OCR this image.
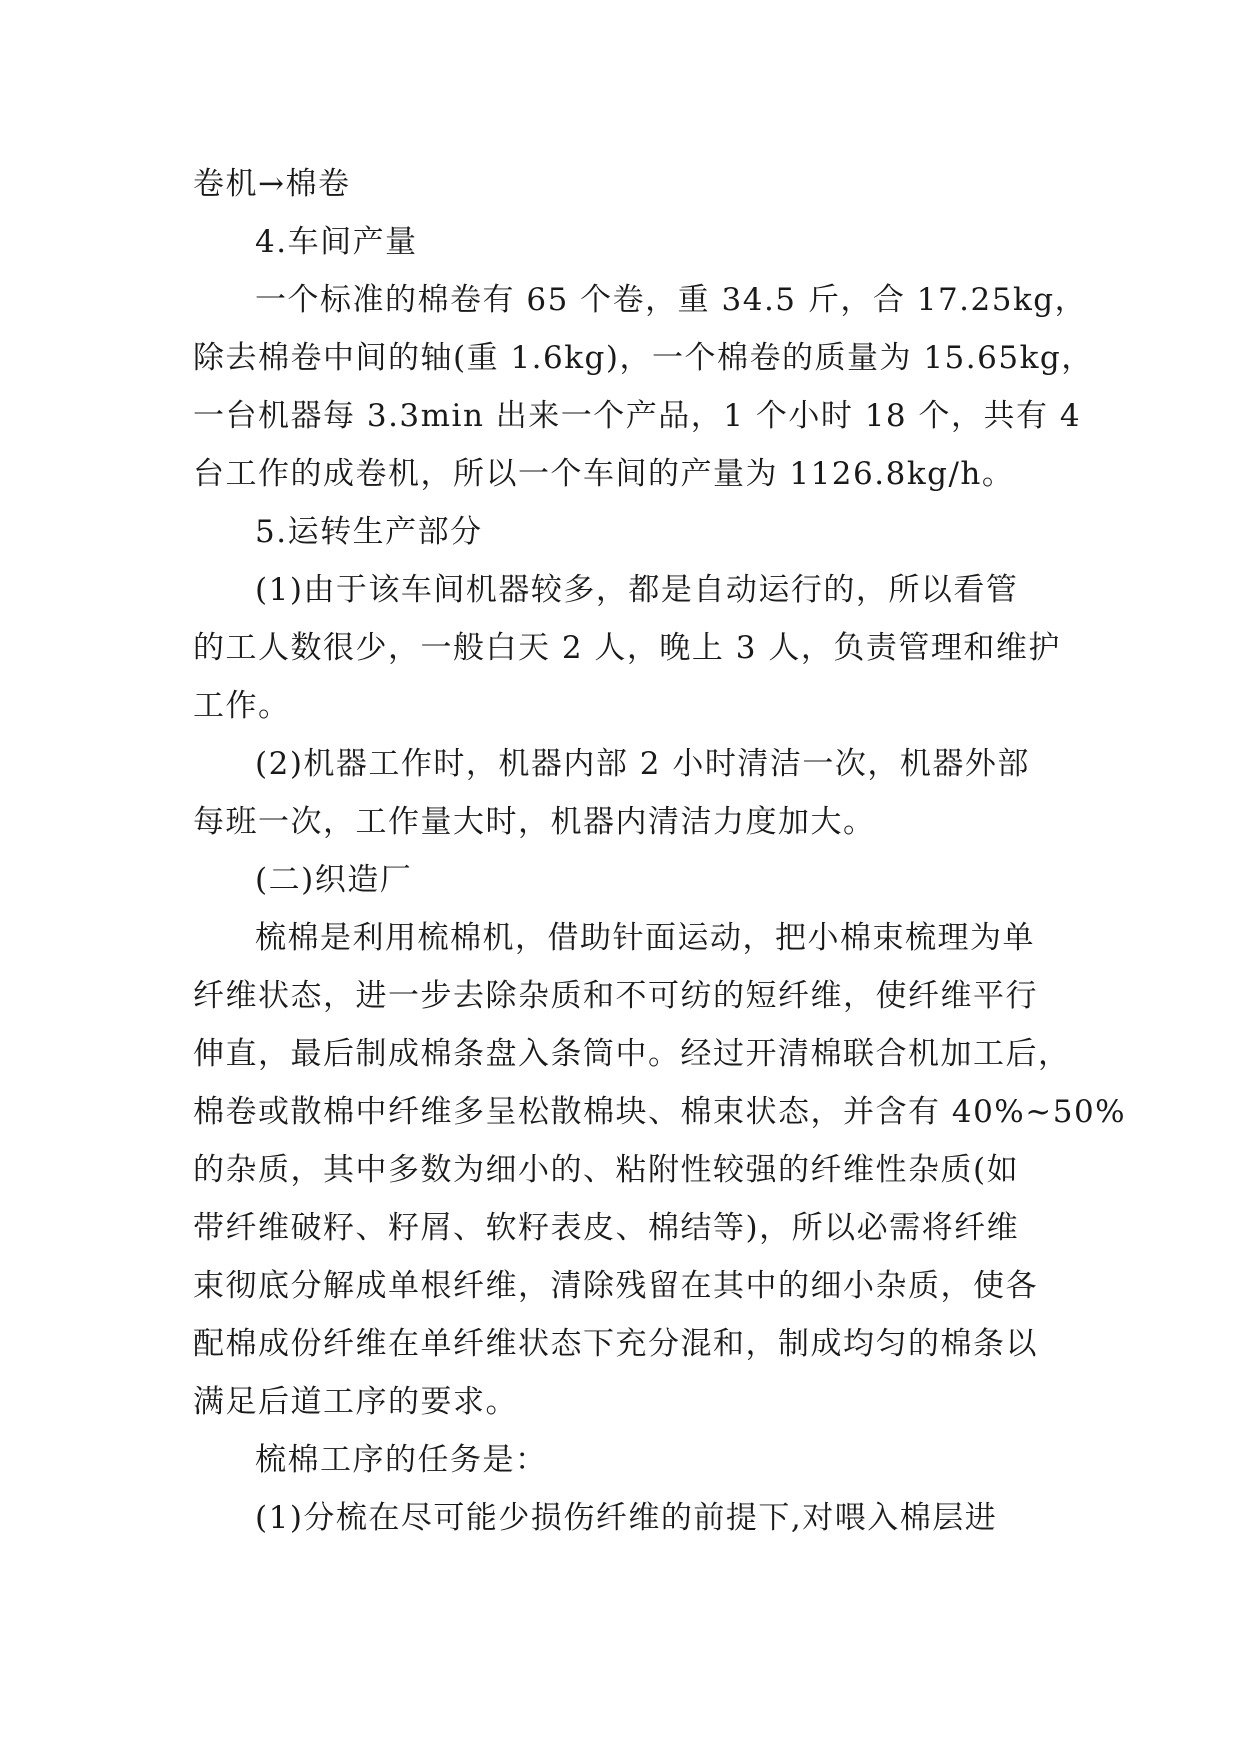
卷机→棉卷
4.车间产量
一个标准的棉卷有 65 个卷，重 34.5 斤，合 17.25kg，
除去棉卷中间的轴(重 1.6kg)，一个棉卷的质量为 15.65kg，
一台机器每 3.3min 出来一个产品，1 个小时 18 个，共有 4
台工作的成卷机，所以一个车间的产量为 1126.8kg/h。
5.运转生产部分
(1)由于该车间机器较多，都是自动运行的，所以看管
的工人数很少，一般白天 2 人，晚上 3 人，负责管理和维护
工作。
(2)机器工作时，机器内部 2 小时清洁一次，机器外部
每班一次，工作量大时，机器内清洁力度加大。
(二)织造厂
梳棉是利用梳棉机，借助针面运动，把小棉束梳理为单
纤维状态，进一步去除杂质和不可纺的短纤维，使纤维平行
伸直，最后制成棉条盘入条筒中。经过开清棉联合机加工后，
棉卷或散棉中纤维多呈松散棉块、棉束状态，并含有 40%~50%
的杂质，其中多数为细小的、粘附性较强的纤维性杂质(如
带纤维破籽、籽屑、软籽表皮、棉结等)，所以必需将纤维
束彻底分解成单根纤维，清除残留在其中的细小杂质，使各
配棉成份纤维在单纤维状态下充分混和，制成均匀的棉条以
满足后道工序的要求。
梳棉工序的任务是：
(1)分梳在尽可能少损伤纤维的前提下,对喂入棉层进
